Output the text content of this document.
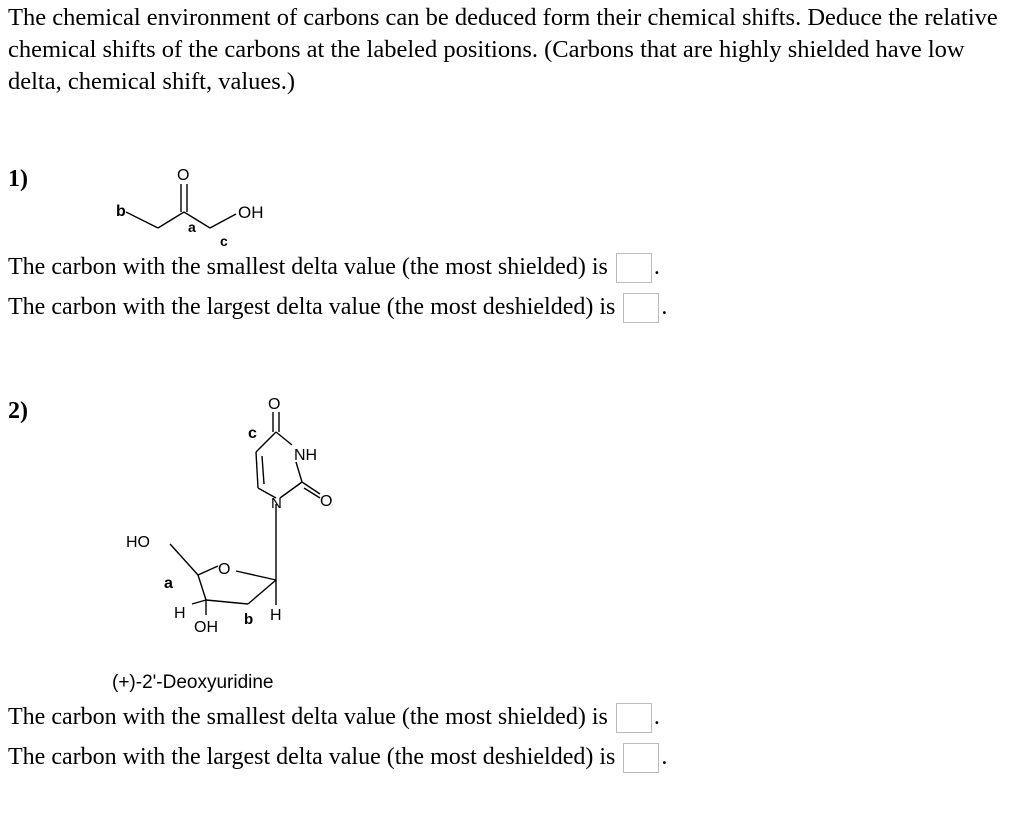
The chemical environment of carbons can be deduced form their chemical shifts. Deduce the relative chemical shifts of the carbons at the labeled positions. (Carbons that are highly shielded have low delta, chemical shift, values.)

1)
b
O
a
c
OH
The carbon with the smallest delta value (the most shielded) is .
The carbon with the largest delta value (the most deshielded) is .
2)	O
c
NH
N O
HO
O
a
H
OH b H
(+)-2'-Deoxyuridine
The carbon with the smallest delta value (the most shielded) is .
The carbon with the largest delta value (the most deshielded) is .
